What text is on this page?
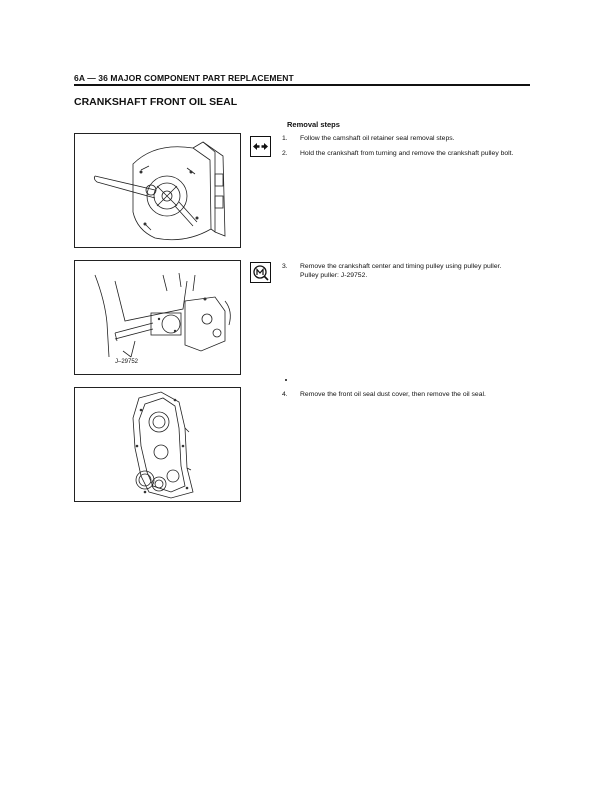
6A — 36 MAJOR COMPONENT PART REPLACEMENT
CRANKSHAFT FRONT OIL SEAL
J–29752
Removal steps
1.	Follow the camshaft oil retainer seal removal steps.
2.	Hold the crankshaft from turning and remove the crankshaft pulley bolt.
3.	Remove the crankshaft center and timing pulley using pulley puller.
Pulley puller: J-29752.
4.	Remove the front oil seal dust cover, then remove the oil seal.
